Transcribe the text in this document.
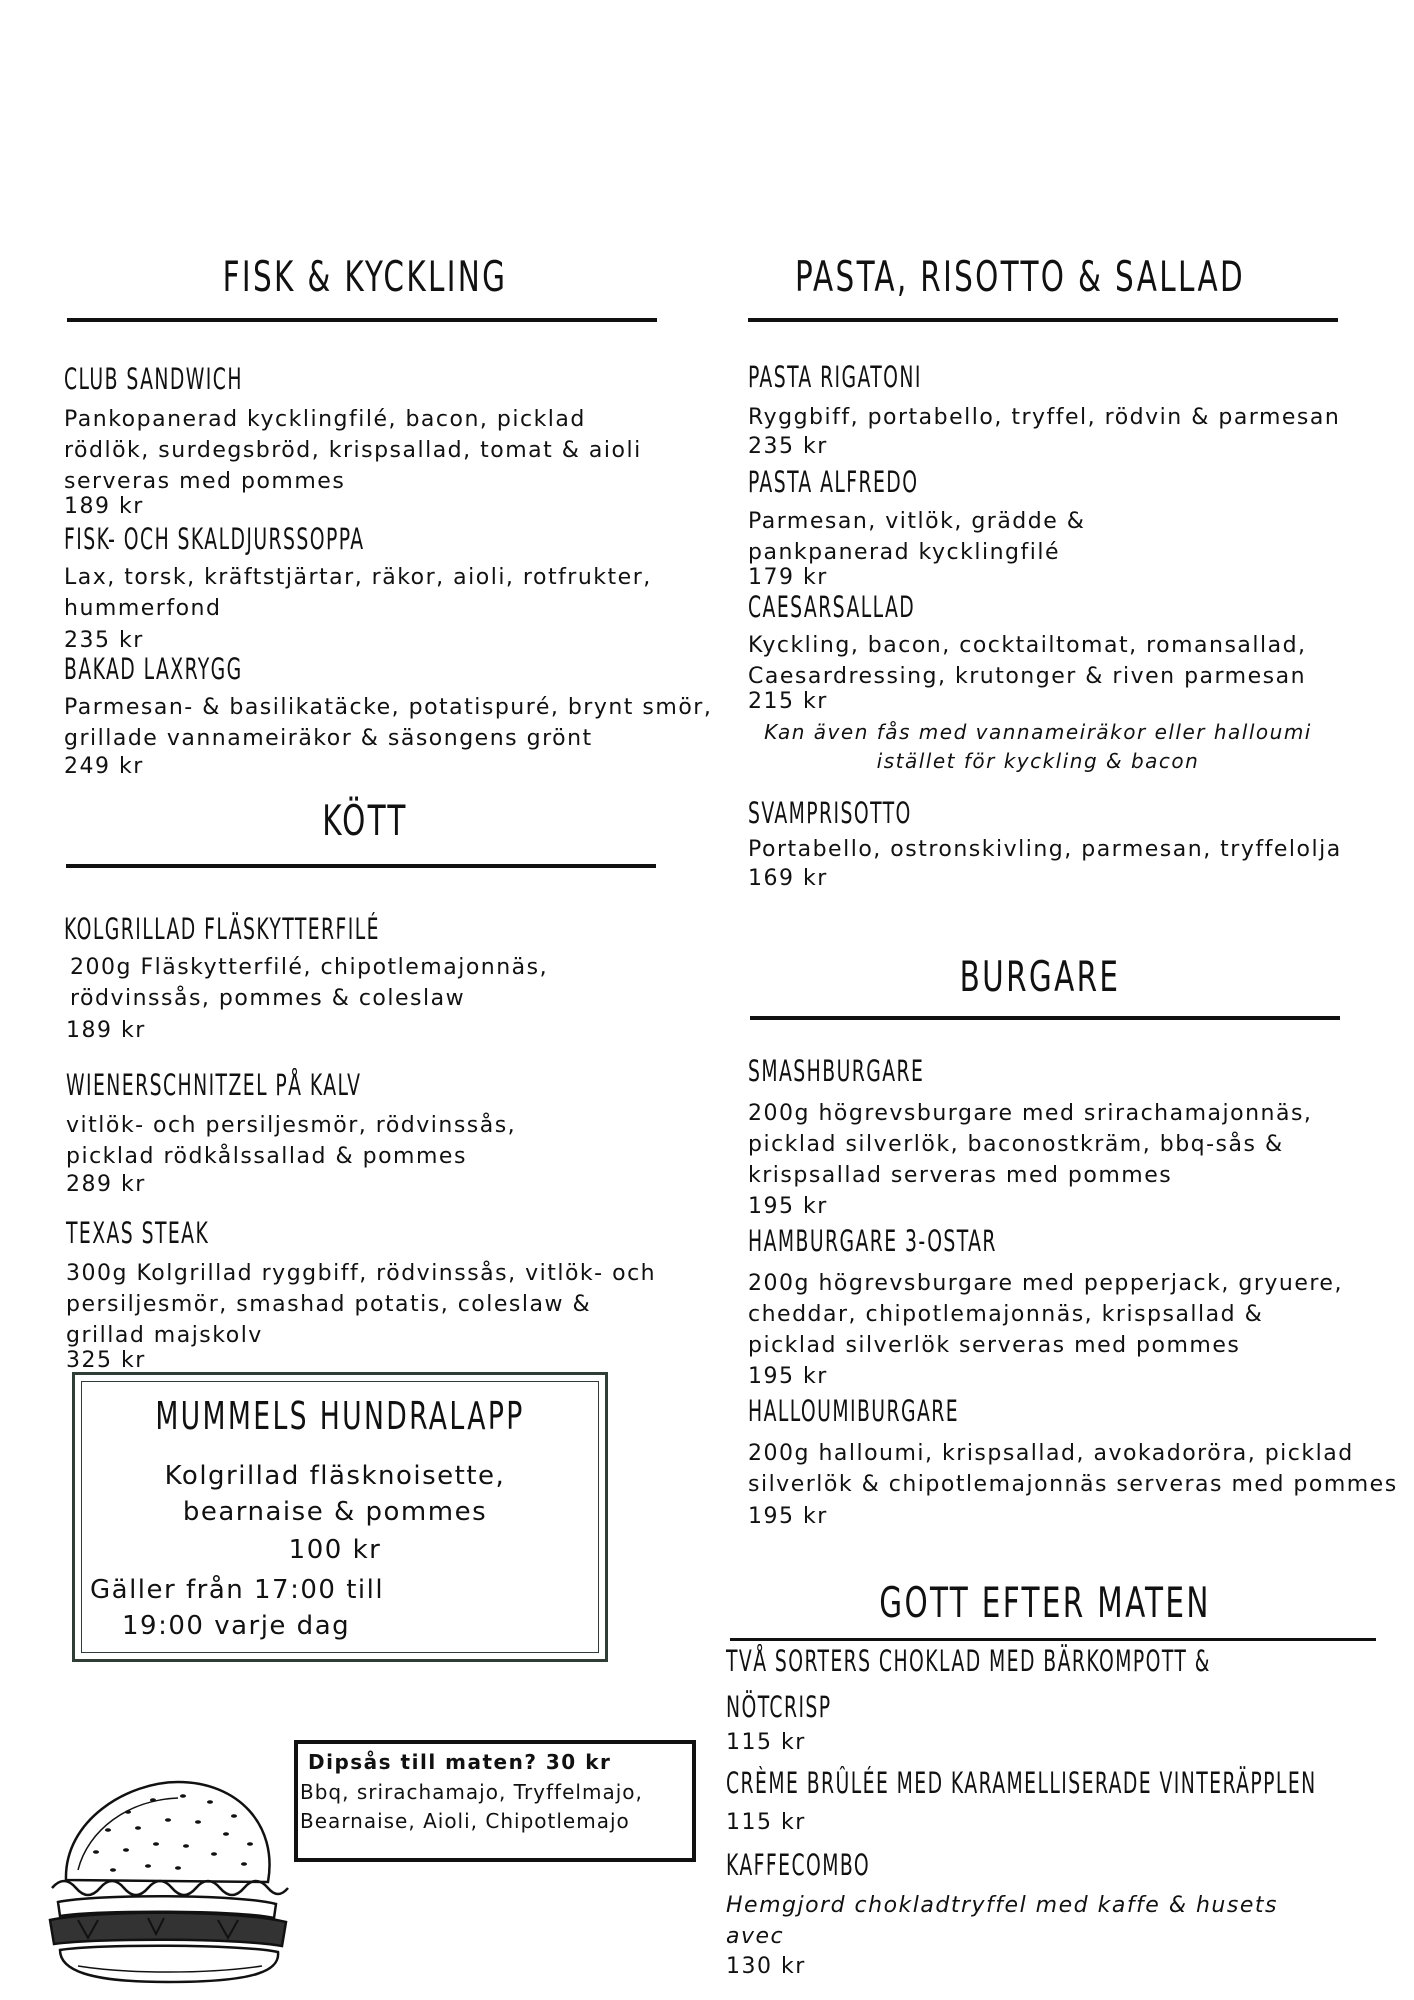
FISK & KYCKLING
CLUB SANDWICH
Pankopanerad kycklingfilé, bacon, picklad
rödlök, surdegsbröd, krispsallad, tomat & aioli
serveras med pommes
189 kr
FISK- OCH SKALDJURSSOPPA
Lax, torsk, kräftstjärtar, räkor, aioli, rotfrukter,
hummerfond
235 kr
BAKAD LAXRYGG
Parmesan- & basilikatäcke, potatispuré, brynt smör,
grillade vannameiräkor & säsongens grönt
249 kr
KÖTT
KOLGRILLAD FLÄSKYTTERFILÉ
200g Fläskytterfilé, chipotlemajonnäs,
rödvinssås, pommes & coleslaw
189 kr
WIENERSCHNITZEL PÅ KALV
vitlök- och persiljesmör, rödvinssås,
picklad rödkålssallad & pommes
289 kr
TEXAS STEAK
300g Kolgrillad ryggbiff, rödvinssås, vitlök- och
persiljesmör, smashad potatis, coleslaw &
grillad majskolv
325 kr
MUMMELS HUNDRALAPP
Kolgrillad fläsknoisette,
bearnaise & pommes
100 kr
Gäller från 17:00 till
19:00 varje dag
Dipsås till maten? 30 kr
Bbq, srirachamajo, Tryffelmajo,
Bearnaise, Aioli, Chipotlemajo
PASTA, RISOTTO & SALLAD
PASTA RIGATONI
Ryggbiff, portabello, tryffel, rödvin & parmesan
235 kr
PASTA ALFREDO
Parmesan, vitlök, grädde &
pankpanerad kycklingfilé
179 kr
CAESARSALLAD
Kyckling, bacon, cocktailtomat, romansallad,
Caesardressing, krutonger & riven parmesan
215 kr
Kan även fås med vannameiräkor eller halloumi
istället för kyckling & bacon
SVAMPRISOTTO
Portabello, ostronskivling, parmesan, tryffelolja
169 kr
BURGARE
SMASHBURGARE
200g högrevsburgare med srirachamajonnäs,
picklad silverlök, baconostkräm, bbq-sås &
krispsallad serveras med pommes
195 kr
HAMBURGARE 3-OSTAR
200g högrevsburgare med pepperjack, gryuere,
cheddar, chipotlemajonnäs, krispsallad &
picklad silverlök serveras med pommes
195 kr
HALLOUMIBURGARE
200g halloumi, krispsallad, avokadoröra, picklad
silverlök & chipotlemajonnäs serveras med pommes
195 kr
GOTT EFTER MATEN
TVÅ SORTERS CHOKLAD MED BÄRKOMPOTT &
NÖTCRISP
115 kr
CRÈME BRÛLÉE MED KARAMELLISERADE VINTERÄPPLEN
115 kr
KAFFECOMBO
Hemgjord chokladtryffel med kaffe & husets
avec
130 kr
